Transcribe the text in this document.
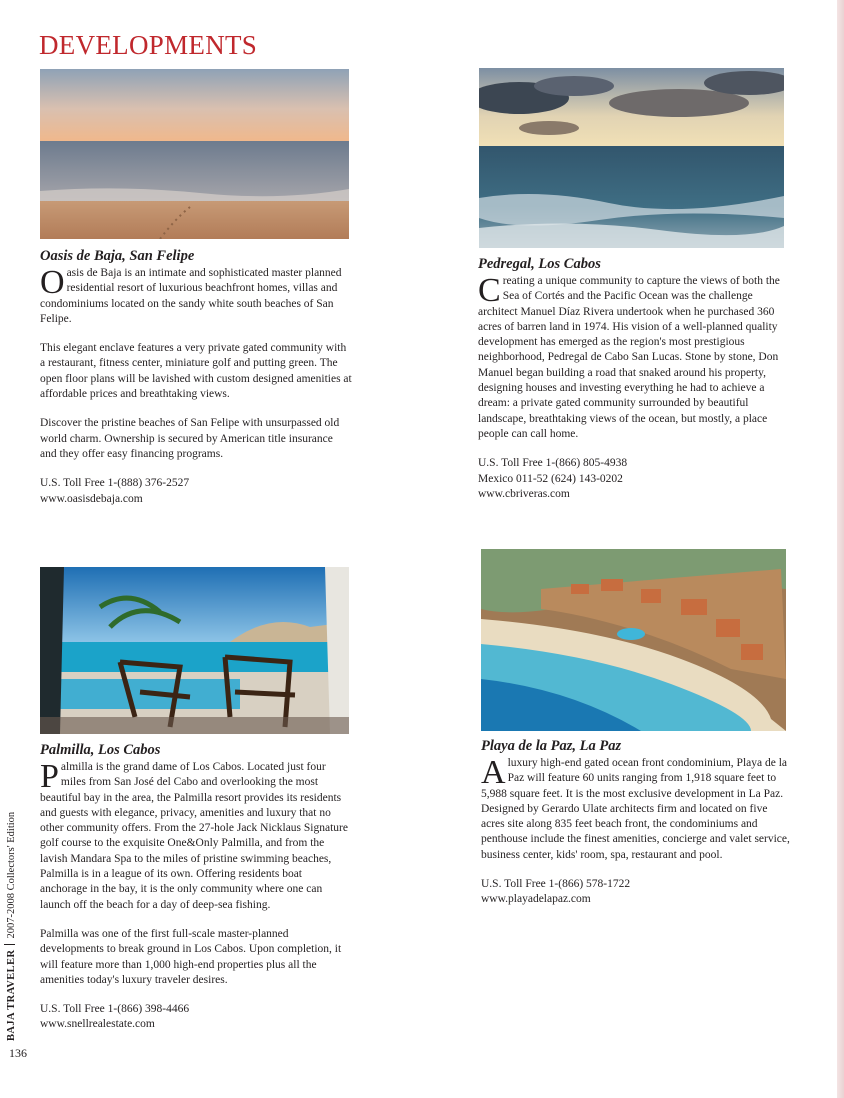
DEVELOPMENTS
Oasis de Baja, San Felipe

Oasis de Baja is an intimate and sophisticated master planned residential resort of luxurious beachfront homes, villas and condominiums located on the sandy white south beaches of San Felipe.

This elegant enclave features a very private gated community with a restaurant, fitness center, miniature golf and putting green. The open floor plans will be lavished with custom designed amenities at affordable prices and breathtaking views.

Discover the pristine beaches of San Felipe with unsurpassed old world charm. Ownership is secured by American title insurance and they offer easy financing programs.

U.S. Toll Free 1-(888) 376-2527
www.oasisdebaja.com
Pedregal, Los Cabos

Creating a unique community to capture the views of both the Sea of Cortés and the Pacific Ocean was the challenge architect Manuel Díaz Rivera undertook when he purchased 360 acres of barren land in 1974. His vision of a well-planned quality development has emerged as the region's most prestigious neighborhood, Pedregal de Cabo San Lucas. Stone by stone, Don Manuel began building a road that snaked around his property, designing houses and investing everything he had to achieve a dream: a private gated community surrounded by beautiful landscape, breathtaking views of the ocean, but mostly, a place people can call home.

U.S. Toll Free 1-(866) 805-4938
Mexico 011-52 (624) 143-0202
www.cbriveras.com
Palmilla, Los Cabos

Palmilla is the grand dame of Los Cabos. Located just four miles from San José del Cabo and overlooking the most beautiful bay in the area, the Palmilla resort provides its residents and guests with elegance, privacy, amenities and luxury that no other community offers. From the 27-hole Jack Nicklaus Signature golf course to the exquisite One&Only Palmilla, and from the lavish Mandara Spa to the miles of pristine swimming beaches, Palmilla is in a league of its own. Offering residents boat anchorage in the bay, it is the only community where one can launch off the beach for a day of deep-sea fishing.

Palmilla was one of the first full-scale master-planned developments to break ground in Los Cabos. Upon completion, it will feature more than 1,000 high-end properties plus all the amenities today's luxury traveler desires.

U.S. Toll Free 1-(866) 398-4466
www.snellrealestate.com
Playa de la Paz, La Paz

Aluxury high-end gated ocean front condominium, Playa de la Paz will feature 60 units ranging from 1,918 square feet to 5,988 square feet. It is the most exclusive development in La Paz. Designed by Gerardo Ulate architects firm and located on five acres site along 835 feet beach front, the condominiums and penthouse include the finest amenities, concierge and valet service, business center, kids' room, spa, restaurant and pool.

U.S. Toll Free 1-(866) 578-1722
www.playadelapaz.com
BAJA TRAVELER2007-2008 Collectors' Edition
136
